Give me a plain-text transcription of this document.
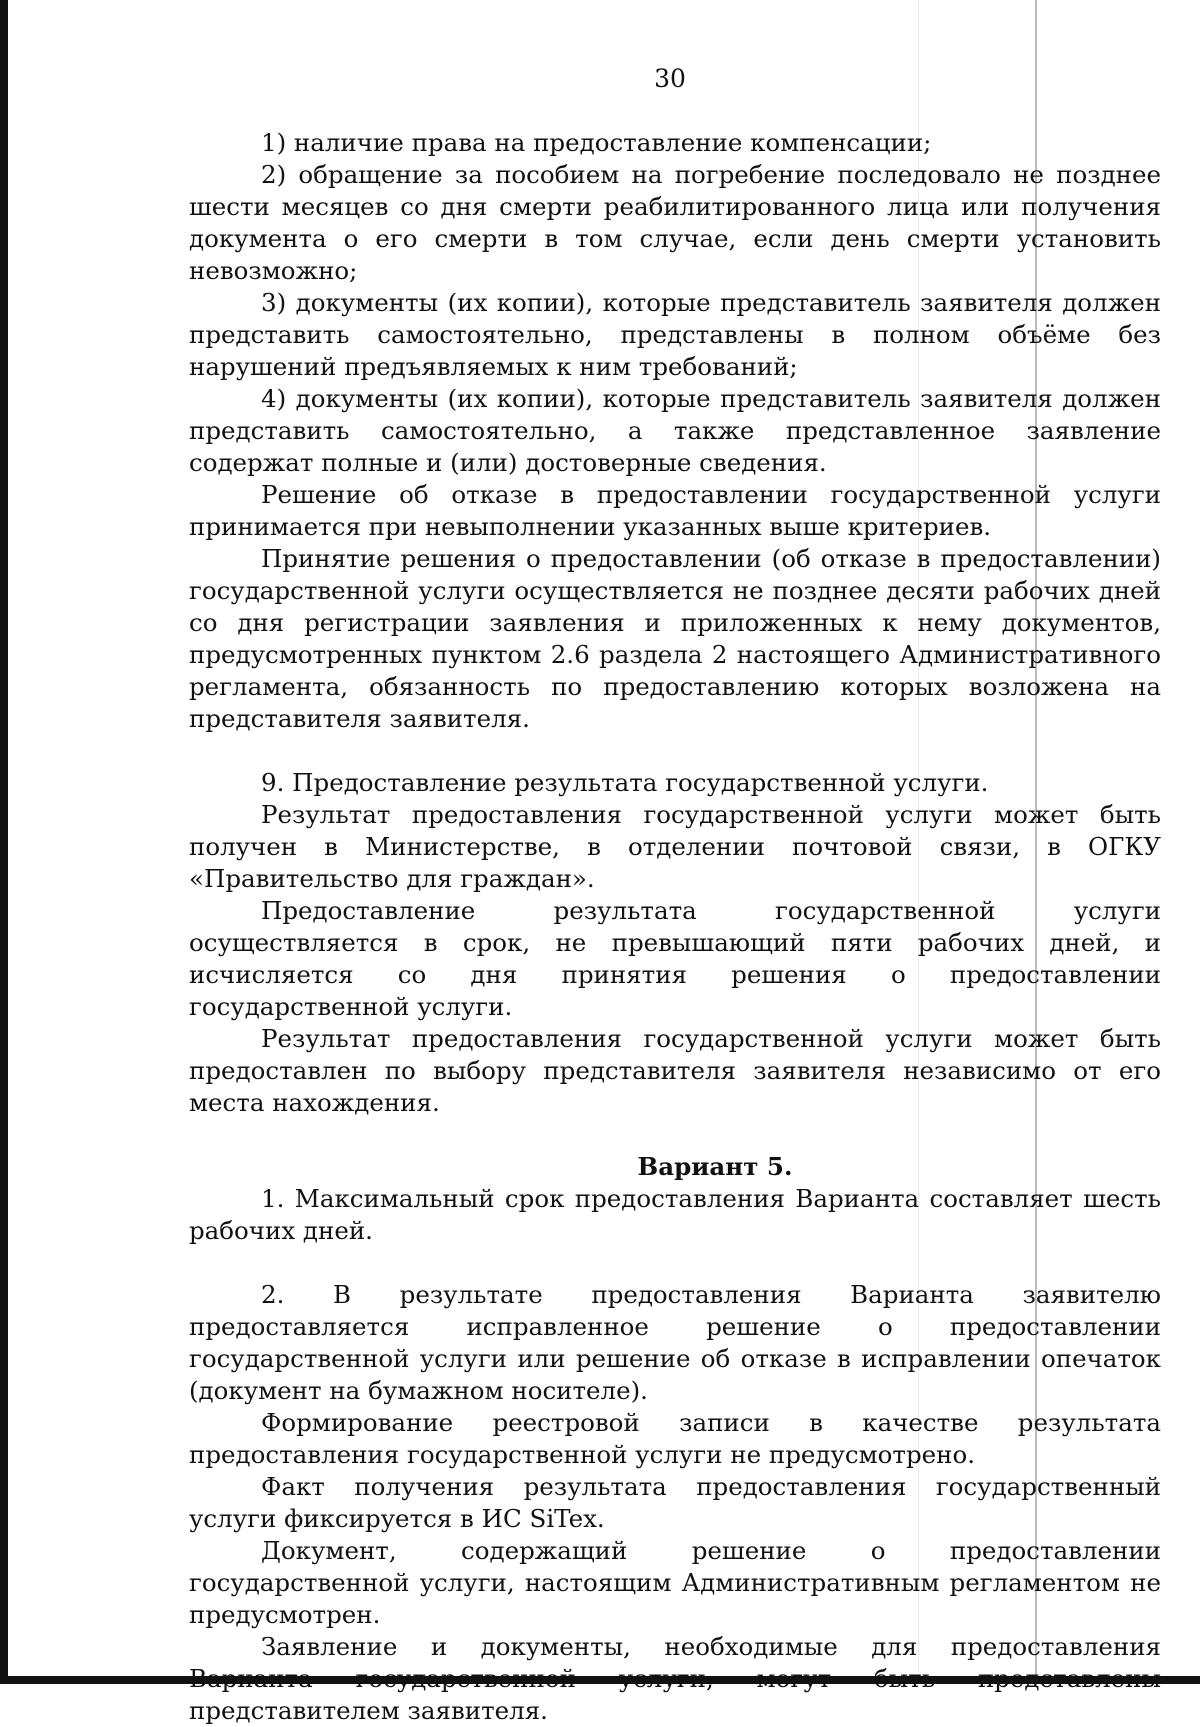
30

1) наличие права на предоставление компенсации;

2) обращение за пособием на погребение последовало не позднее шести месяцев со дня смерти реабилитированного лица или получения документа о его смерти в том случае, если день смерти установить невозможно;

3) документы (их копии), которые представитель заявителя должен представить самостоятельно, представлены в полном объёме без нарушений предъявляемых к ним требований;

4) документы (их копии), которые представитель заявителя должен представить самостоятельно, а также представленное заявление содержат полные и (или) достоверные сведения.

Решение об отказе в предоставлении государственной услуги принимается при невыполнении указанных выше критериев.

Принятие решения о предоставлении (об отказе в предоставлении) государственной услуги осуществляется не позднее десяти рабочих дней со дня регистрации заявления и приложенных к нему документов, предусмотренных пунктом 2.6 раздела 2 настоящего Административного регламента, обязанность по предоставлению которых возложена на представителя заявителя.

9. Предоставление результата государственной услуги.

Результат предоставления государственной услуги может быть получен в Министерстве, в отделении почтовой связи, в ОГКУ «Правительство для граждан».

Предоставление результата государственной услуги осуществляется в срок, не превышающий пяти рабочих дней, и исчисляется со дня принятия решения о предоставлении государственной услуги.

Результат предоставления государственной услуги может быть предоставлен по выбору представителя заявителя независимо от его места нахождения.

Вариант 5.

1. Максимальный срок предоставления Варианта составляет шесть рабочих дней.

2. В результате предоставления Варианта заявителю предоставляется исправленное решение о предоставлении государственной услуги или решение об отказе в исправлении опечаток (документ на бумажном носителе).

Формирование реестровой записи в качестве результата предоставления государственной услуги не предусмотрено.

Факт получения результата предоставления государственный услуги фиксируется в ИС SiTex.

Документ, содержащий решение о предоставлении государственной услуги, настоящим Административным регламентом не предусмотрен.

Заявление и документы, необходимые для предоставления Варианта государственной услуги, могут быть представлены представителем заявителя.
